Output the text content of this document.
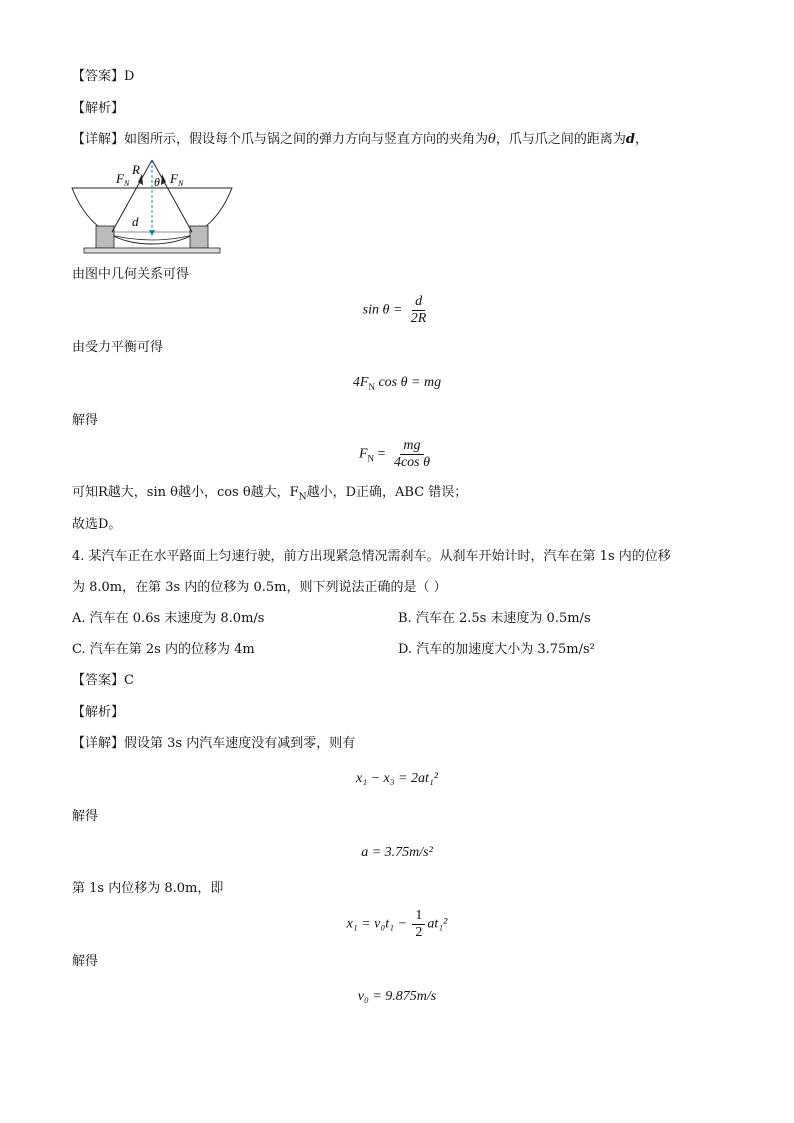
【答案】D
【解析】
【详解】如图所示，假设每个爪与锅之间的弹力方向与竖直方向的夹角为θ，爪与爪之间的距离为d，
$F_N$
R
θ $F_N$
d
由图中几何关系可得
$\sin \theta = \frac{d}{2R}$
由受力平衡可得
$4F_N$ cos θ = mg
解得
$F_N = \frac{mg}{\text{4cos θ}}$
可知R越大，sin θ越小，cos θ越大，$F_N$越小，D正确，ABC 错误；
故选D。
4. 某汽车正在水平路面上匀速行驶，前方出现紧急情况需刹车。从刹车开始计时，汽车在第 1s 内的位移
为 8.0m，在第 3s 内的位移为 0.5m，则下列说法正确的是（ ）
A. 汽车在 0.6s 末速度为 8.0m/s	B. 汽车在 2.5s 末速度为 0.5m/s
C. 汽车在第 2s 内的位移为 4m	D. 汽车的加速度大小为 3.75m/s²
【答案】C
【解析】
【详解】假设第 3s 内汽车速度没有减到零，则有
x₁ − x₃ = 2at₁²
解得
a = 3.75m/s²
第 1s 内位移为 8.0m，即
$x_1 = v_0t_1 - \frac{1}{2} at_1^2$
解得
v₀ = 9.875m/s
